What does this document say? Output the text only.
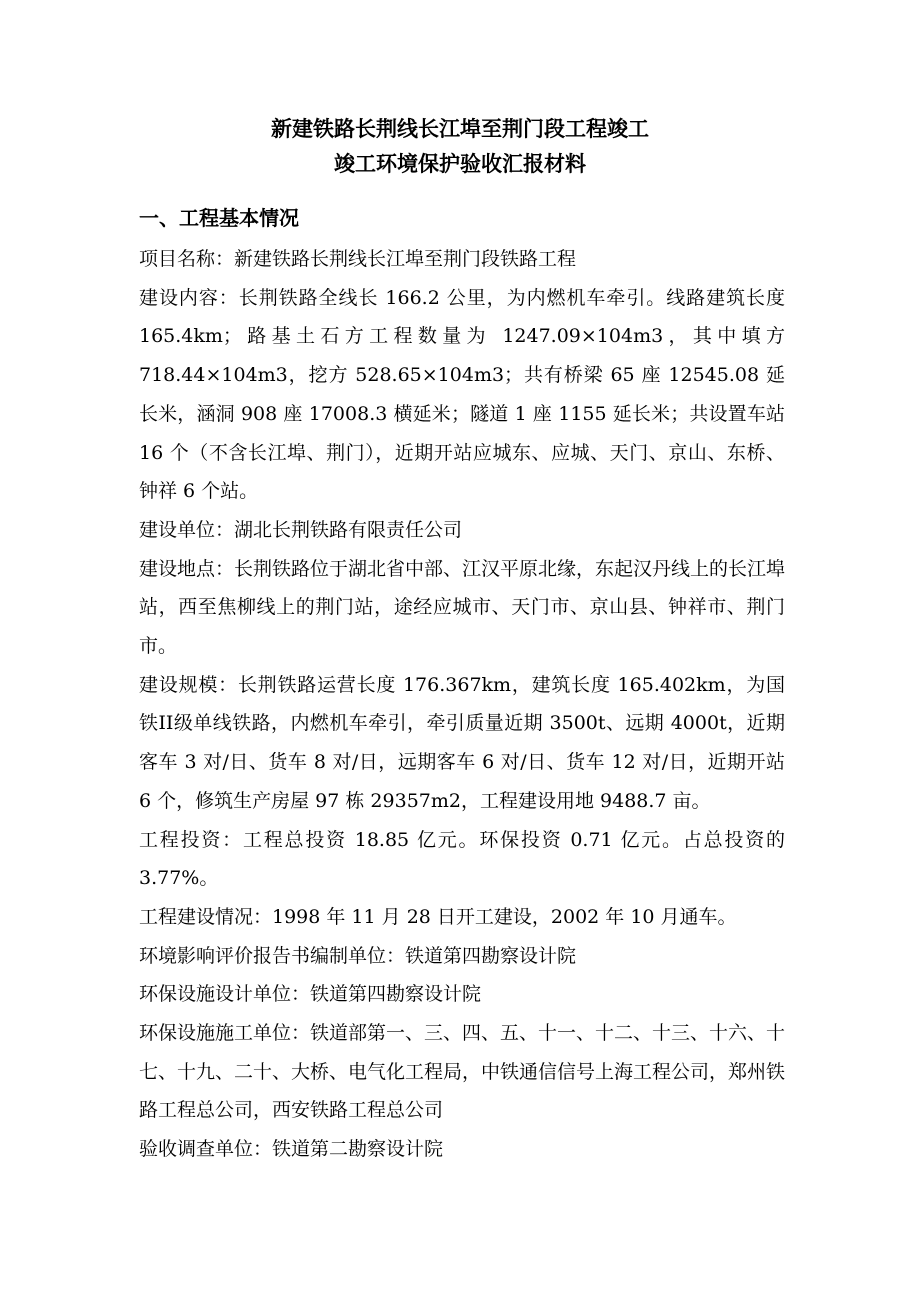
新建铁路长荆线长江埠至荆门段工程竣工
竣工环境保护验收汇报材料
一、工程基本情况

项目名称：新建铁路长荆线长江埠至荆门段铁路工程

建设内容：长荆铁路全线长 166.2 公里，为内燃机车牵引。线路建筑长度 165.4km；路基土石方工程数量为 1247.09×104m3，其中填方 718.44×104m3，挖方 528.65×104m3；共有桥梁 65 座 12545.08 延长米，涵洞 908 座 17008.3 横延米；隧道 1 座 1155 延长米；共设置车站 16 个（不含长江埠、荆门），近期开站应城东、应城、天门、京山、东桥、钟祥 6 个站。

建设单位：湖北长荆铁路有限责任公司

建设地点：长荆铁路位于湖北省中部、江汉平原北缘，东起汉丹线上的长江埠站，西至焦柳线上的荆门站，途经应城市、天门市、京山县、钟祥市、荆门市。

建设规模：长荆铁路运营长度 176.367km，建筑长度 165.402km，为国铁II级单线铁路，内燃机车牵引，牵引质量近期 3500t、远期 4000t，近期客车 3 对/日、货车 8 对/日，远期客车 6 对/日、货车 12 对/日，近期开站 6 个，修筑生产房屋 97 栋 29357m2，工程建设用地 9488.7 亩。

工程投资：工程总投资 18.85 亿元。环保投资 0.71 亿元。占总投资的 3.77%。

工程建设情况：1998 年 11 月 28 日开工建设，2002 年 10 月通车。

环境影响评价报告书编制单位：铁道第四勘察设计院

环保设施设计单位：铁道第四勘察设计院

环保设施施工单位：铁道部第一、三、四、五、十一、十二、十三、十六、十七、十九、二十、大桥、电气化工程局，中铁通信信号上海工程公司，郑州铁路工程总公司，西安铁路工程总公司

验收调查单位：铁道第二勘察设计院
